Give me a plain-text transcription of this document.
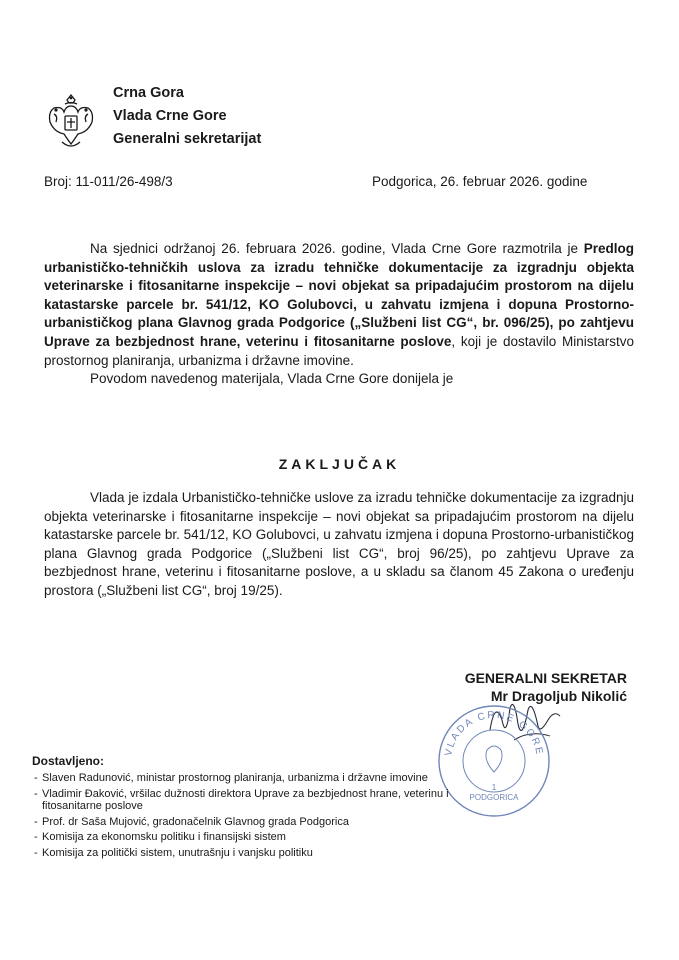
Crna Gora
Vlada Crne Gore
Generalni sekretarijat
Broj: 11-011/26-498/3	Podgorica, 26. februar 2026. godine

Na sjednici održanoj 26. februara 2026. godine, Vlada Crne Gore razmotrila je Predlog urbanističko-tehničkih uslova za izradu tehničke dokumentacije za izgradnju objekta veterinarske i fitosanitarne inspekcije – novi objekat sa pripadajućim prostorom na dijelu katastarske parcele br. 541/12, KO Golubovci, u zahvatu izmjena i dopuna Prostorno-urbanističkog plana Glavnog grada Podgorice („Službeni list CG“, br. 096/25), po zahtjevu Uprave za bezbjednost hrane, veterinu i fitosanitarne poslove, koji je dostavilo Ministarstvo prostornog planiranja, urbanizma i državne imovine.

Povodom navedenog materijala, Vlada Crne Gore donijela je

ZAKLJUČAK

Vlada je izdala Urbanističko-tehničke uslove za izradu tehničke dokumentacije za izgradnju objekta veterinarske i fitosanitarne inspekcije – novi objekat sa pripadajućim prostorom na dijelu katastarske parcele br. 541/12, KO Golubovci, u zahvatu izmjena i dopuna Prostorno-urbanističkog plana Glavnog grada Podgorice („Službeni list CG“, broj 96/25), po zahtjevu Uprave za bezbjednost hrane, veterinu i fitosanitarne poslove, a u skladu sa članom 45 Zakona o uređenju prostora („Službeni list CG“, broj 19/25).

GENERALNI SEKRETAR
Mr Dragoljub Nikolić
VLADA CRNE GORE
1
PODGORICA
Dostavljeno:
- Slaven Radunović, ministar prostornog planiranja, urbanizma i državne imovine
- Vladimir Đaković, vršilac dužnosti direktora Uprave za bezbjednost hrane, veterinu i fitosanitarne poslove
- Prof. dr Saša Mujović, gradonačelnik Glavnog grada Podgorica
- Komisija za ekonomsku politiku i finansijski sistem
- Komisija za politički sistem, unutrašnju i vanjsku politiku
